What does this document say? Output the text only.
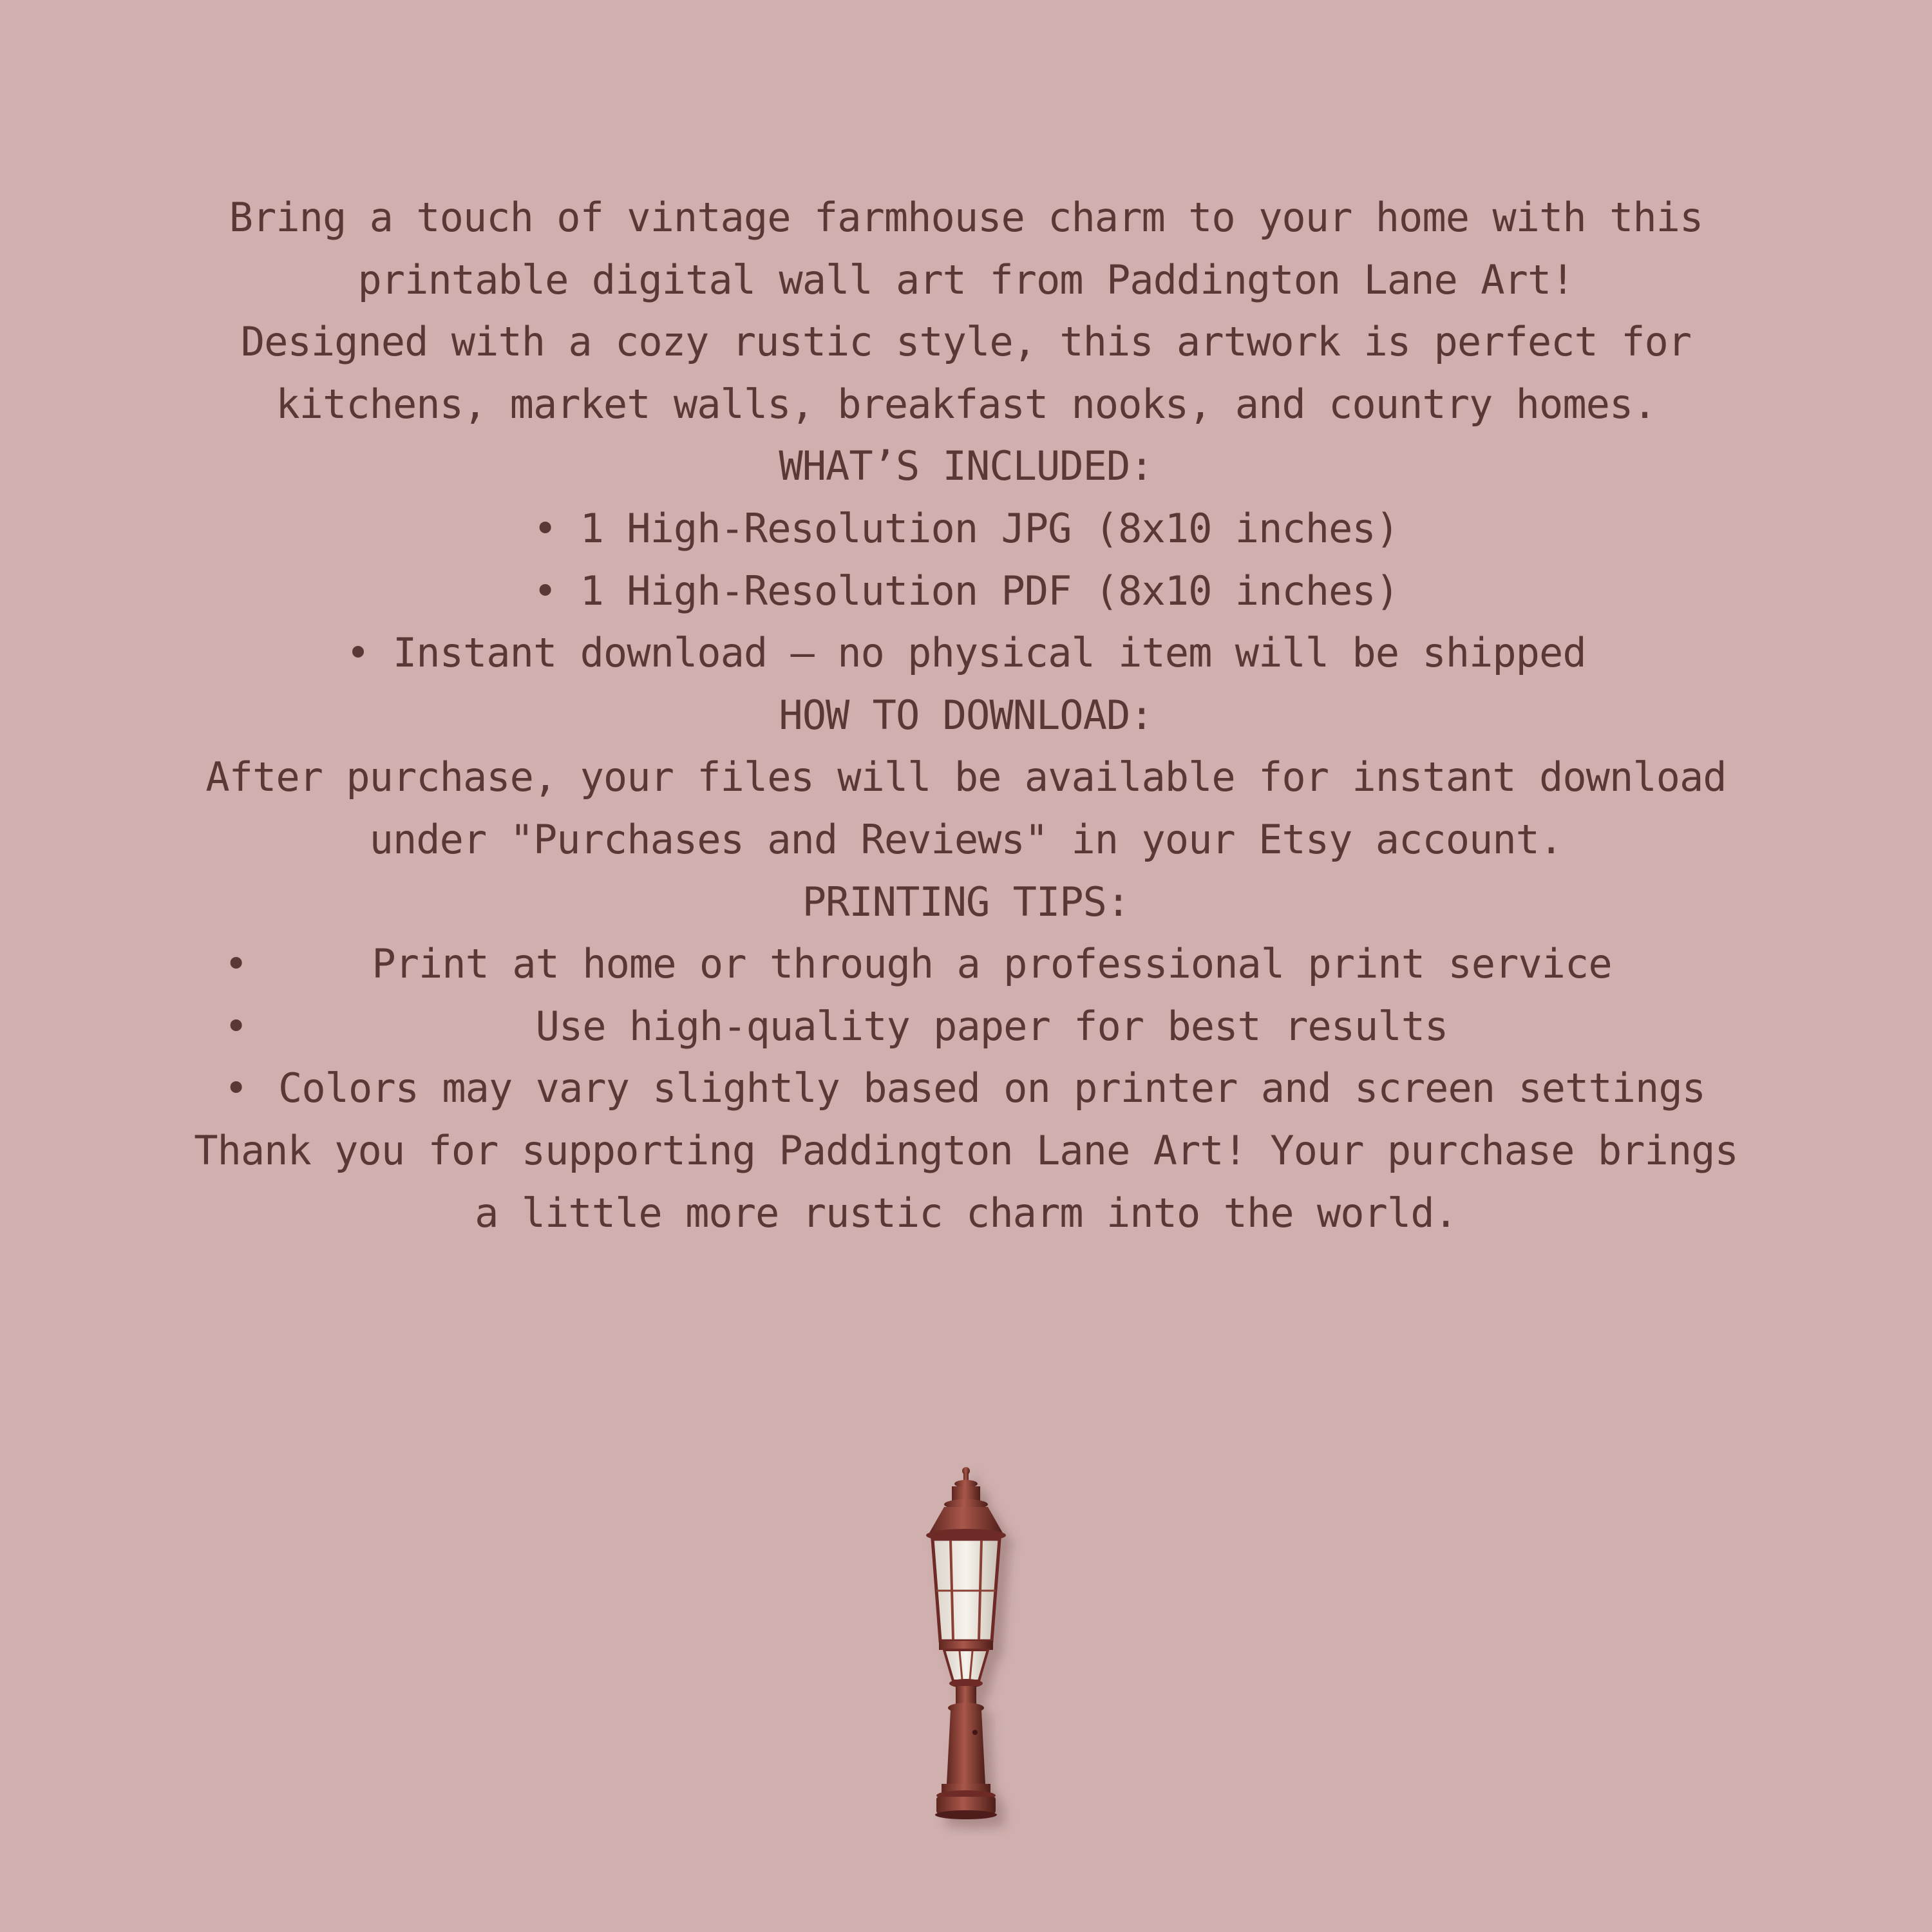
Bring a touch of vintage farmhouse charm to your home with this
printable digital wall art from Paddington Lane Art!
Designed with a cozy rustic style, this artwork is perfect for
kitchens, market walls, breakfast nooks, and country homes.
WHAT’S INCLUDED:
• 1 High-Resolution JPG (8x10 inches)
• 1 High-Resolution PDF (8x10 inches)
• Instant download – no physical item will be shipped
HOW TO DOWNLOAD:
After purchase, your files will be available for instant download
under "Purchases and Reviews" in your Etsy account.
PRINTING TIPS:
•	Print at home or through a professional print service
•	Use high-quality paper for best results
• Colors may vary slightly based on printer and screen settings
Thank you for supporting Paddington Lane Art! Your purchase brings
a little more rustic charm into the world.
